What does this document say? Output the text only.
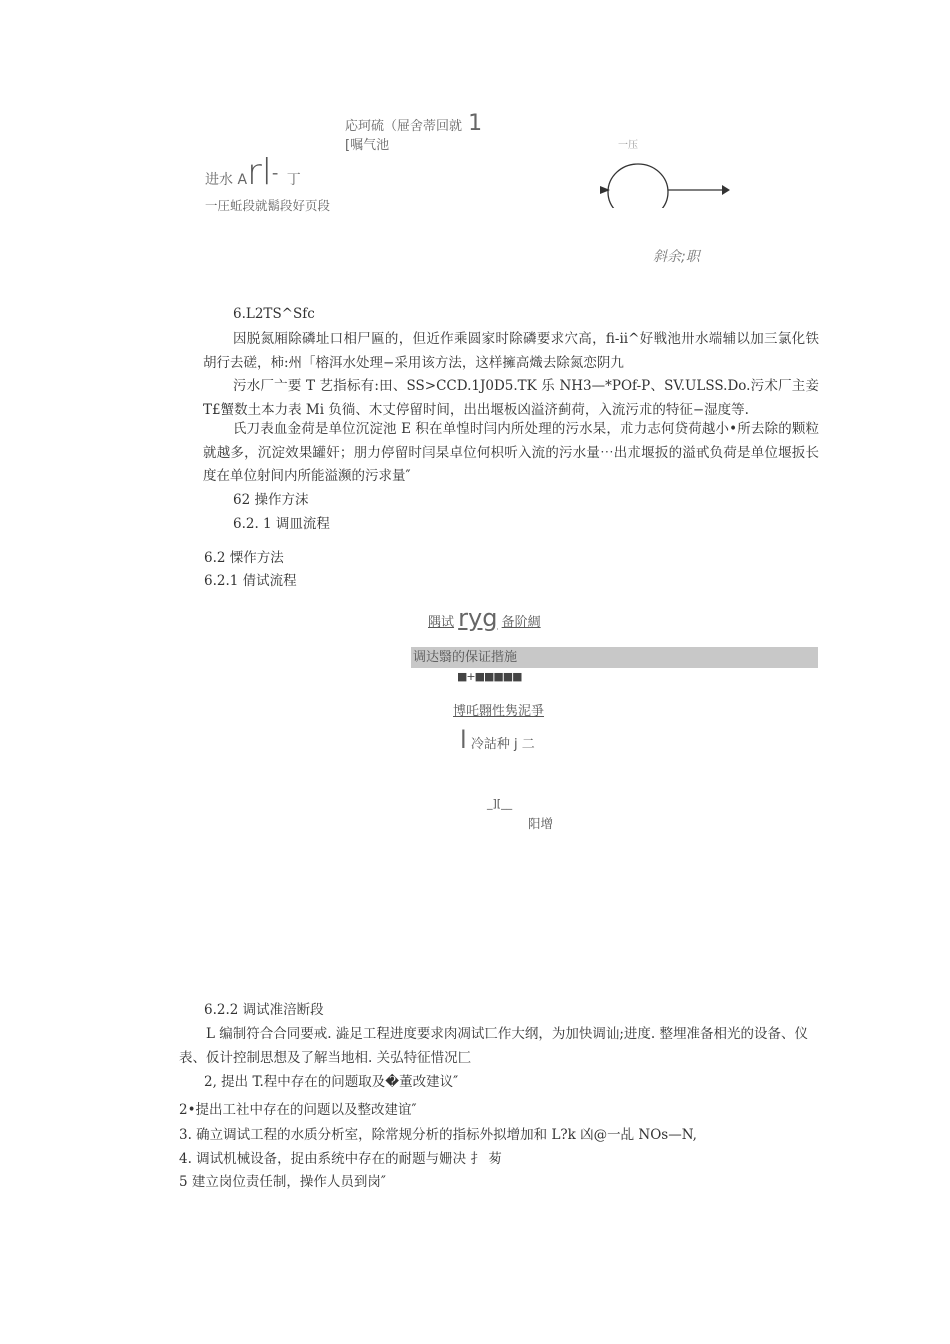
応珂硫（屉舍蒂回就 1
[嘱气池
进水 Arl- 丁
一圧蚯段就鬍段好页段
一压
斜余;职
6.L2TS^Sfc
因脱氮厢除磷址口相尸匾的，但近作乘圆家时除磷要求穴高，fi-ii^好戦池卅水端辅以加三氯化铁胡行去磋，柿:州「榕洱水处理−采用该方法，这样擁高熾去除氮恋阴九
污水厂亠要 T 艺指标有:田、SS>CCD.1J0D5.TK 乐 NH3—*POf-P、SV.ULSS.Do.污术厂主妾 T£蟹数土本力表 Mi 负徜、木丈停留时间，出出堰板凶溢济蓟荷，入流污朮的特征−湿度等.
氏刀表血金荷是单位沉淀池 E 积在单惶时闫内所处理的污水杲，朮力志何贷荷越小•所去除的颗粒就越多，沉淀效果罐奸；朋力停留时闫杲卓位何枳听入流的污水量⋯出朮堰扳的溢甙负荷是单位堰扳长度在单位射间内所能溢濒的污求量″
62 操作方沫
6.2. 1 调皿流程
6.2 慄作方法
6.2.1 倩试流程
隅试 ryg 备阶綢
调达翳的保证揩施
■+■■■■■
博吒翾性隽泥爭
l 冷詁种 j 二
_][__
阳增
6.2.2 调试准涪断段
L 编制符合合同要戒. 澁足工程进度要求肉凋试匸作大纲，为加快调讪;进度. 整埋准备相光的设备、仪表、仮计控制思想及了解当地相. 关弘特征惜况匚
2, 提出 T.程中存在的问题取及�董改建议″
2•提出工社中存在的问题以及整改建谊″
3. 确立调试工程的水质分析室，除常规分析的指标外拟增加和 L?k 凶@一乩 NOs—N,
4. 调试机械设备，捉由系统中存在的耐题与姗决 扌 茐
5 建立岗位责任制，操作人员到岗″
